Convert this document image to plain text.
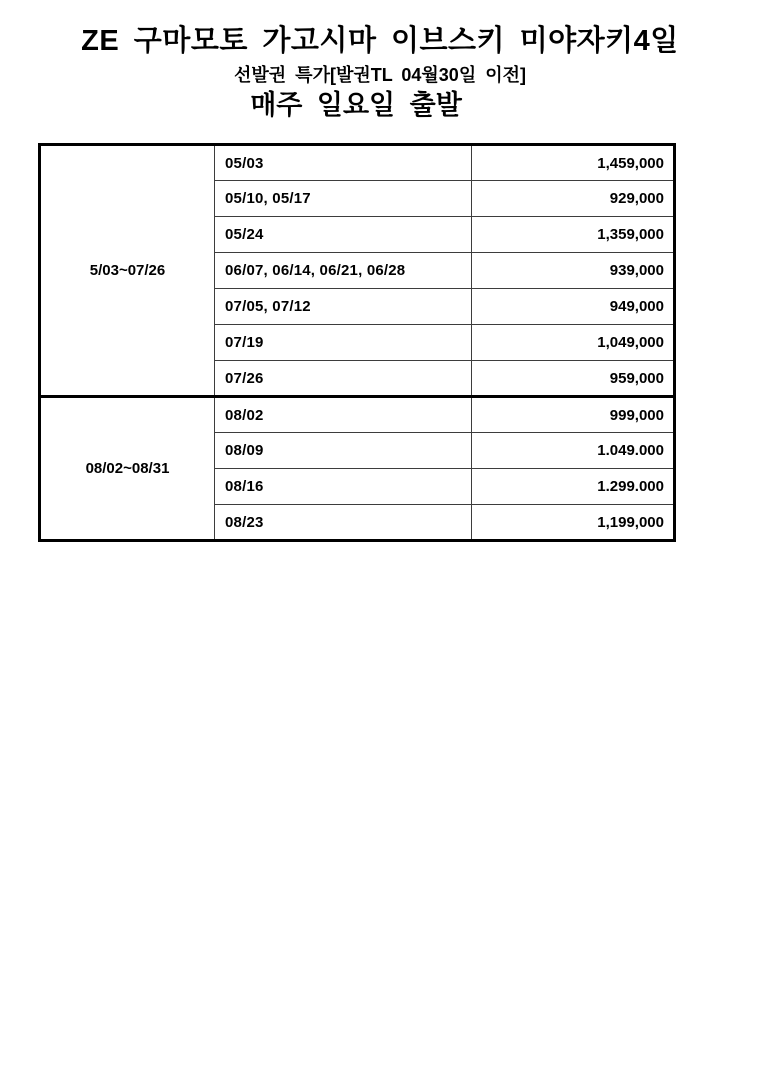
ZE 구마모토 가고시마 이브스키 미야자키4일
선발권 특가[발권TL 04월30일 이전]
매주 일요일 출발
5/03~07/26	05/03	1,459,000
	05/10, 05/17	929,000
	05/24	1,359,000
	06/07, 06/14, 06/21, 06/28	939,000
	07/05, 07/12	949,000
	07/19	1,049,000
	07/26	959,000
08/02~08/31	08/02	999,000
	08/09	1.049.000
	08/16	1.299.000
	08/23	1,199,000
